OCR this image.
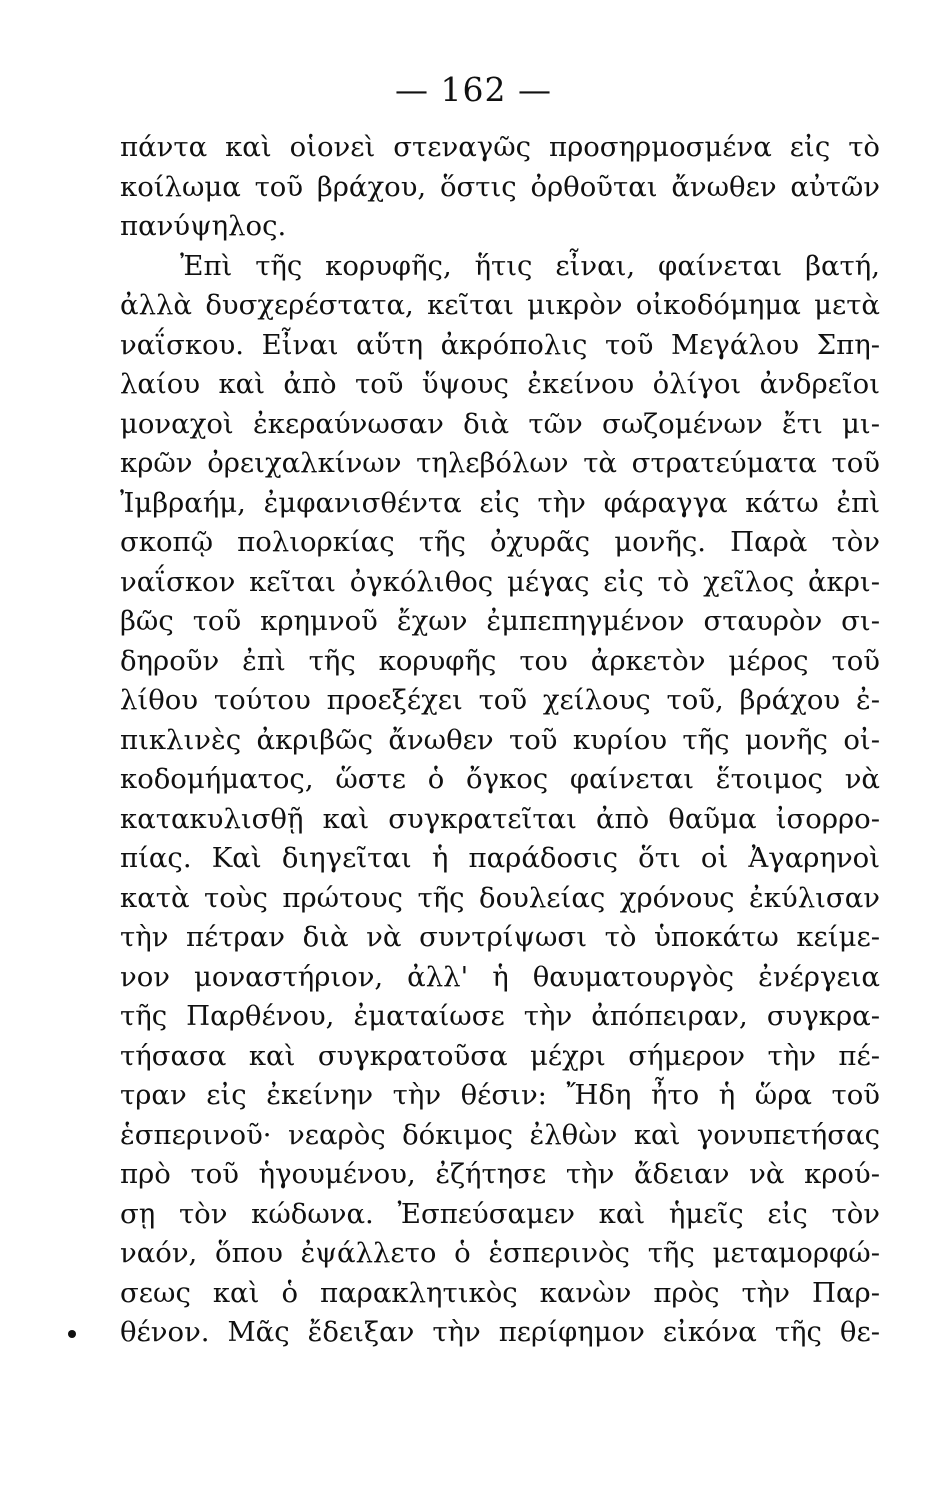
— 162 —
πάντα καὶ οἱονεὶ στεναγῶς προσηρμοσμένα εἰς τὸ
κοίλωμα τοῦ βράχου, ὅστις ὀρθοῦται ἄνωθεν αὐτῶν
πανύψηλος.
Ἐπὶ τῆς κορυφῆς, ἥτις εἶναι, φαίνεται βατή,
ἀλλὰ δυσχερέστατα, κεῖται μικρὸν οἰκοδόμημα μετὰ
ναΐσκου. Εἶναι αὕτη ἀκρόπολις τοῦ Μεγάλου Σπη-
λαίου καὶ ἀπὸ τοῦ ὕψους ἐκείνου ὀλίγοι ἀνδρεῖοι
μοναχοὶ ἐκεραύνωσαν διὰ τῶν σωζομένων ἔτι μι-
κρῶν ὀρειχαλκίνων τηλεβόλων τὰ στρατεύματα τοῦ
Ἰμβραήμ, ἐμφανισθέντα εἰς τὴν φάραγγα κάτω ἐπὶ
σκοπῷ πολιορκίας τῆς ὀχυρᾶς μονῆς. Παρὰ τὸν
ναΐσκον κεῖται ὀγκόλιθος μέγας εἰς τὸ χεῖλος ἀκρι-
βῶς τοῦ κρημνοῦ ἔχων ἐμπεπηγμένον σταυρὸν σι-
δηροῦν ἐπὶ τῆς κορυφῆς του ἀρκετὸν μέρος τοῦ
λίθου τούτου προεξέχει τοῦ χείλους τοῦ, βράχου ἐ-
πικλινὲς ἀκριβῶς ἄνωθεν τοῦ κυρίου τῆς μονῆς οἰ-
κοδομήματος, ὥστε ὁ ὄγκος φαίνεται ἕτοιμος νὰ
κατακυλισθῇ καὶ συγκρατεῖται ἀπὸ θαῦμα ἰσορρο-
πίας. Καὶ διηγεῖται ἡ παράδοσις ὅτι οἱ Ἀγαρηνοὶ
κατὰ τοὺς πρώτους τῆς δουλείας χρόνους ἐκύλισαν
τὴν πέτραν διὰ νὰ συντρίψωσι τὸ ὑποκάτω κείμε-
νον μοναστήριον, ἀλλ' ἡ θαυματουργὸς ἐνέργεια
τῆς Παρθένου, ἐματαίωσε τὴν ἀπόπειραν, συγκρα-
τήσασα καὶ συγκρατοῦσα μέχρι σήμερον τὴν πέ-
τραν εἰς ἐκείνην τὴν θέσιν: Ἤδη ἦτο ἡ ὥρα τοῦ
ἑσπερινοῦ· νεαρὸς δόκιμος ἐλθὼν καὶ γονυπετήσας
πρὸ τοῦ ἡγουμένου, ἐζήτησε τὴν ἄδειαν νὰ κρού-
σῃ τὸν κώδωνα. Ἐσπεύσαμεν καὶ ἡμεῖς εἰς τὸν
ναόν, ὅπου ἐψάλλετο ὁ ἑσπερινὸς τῆς μεταμορφώ-
σεως καὶ ὁ παρακλητικὸς κανὼν πρὸς τὴν Παρ-
θένον. Μᾶς ἔδειξαν τὴν περίφημον εἰκόνα τῆς θε-
